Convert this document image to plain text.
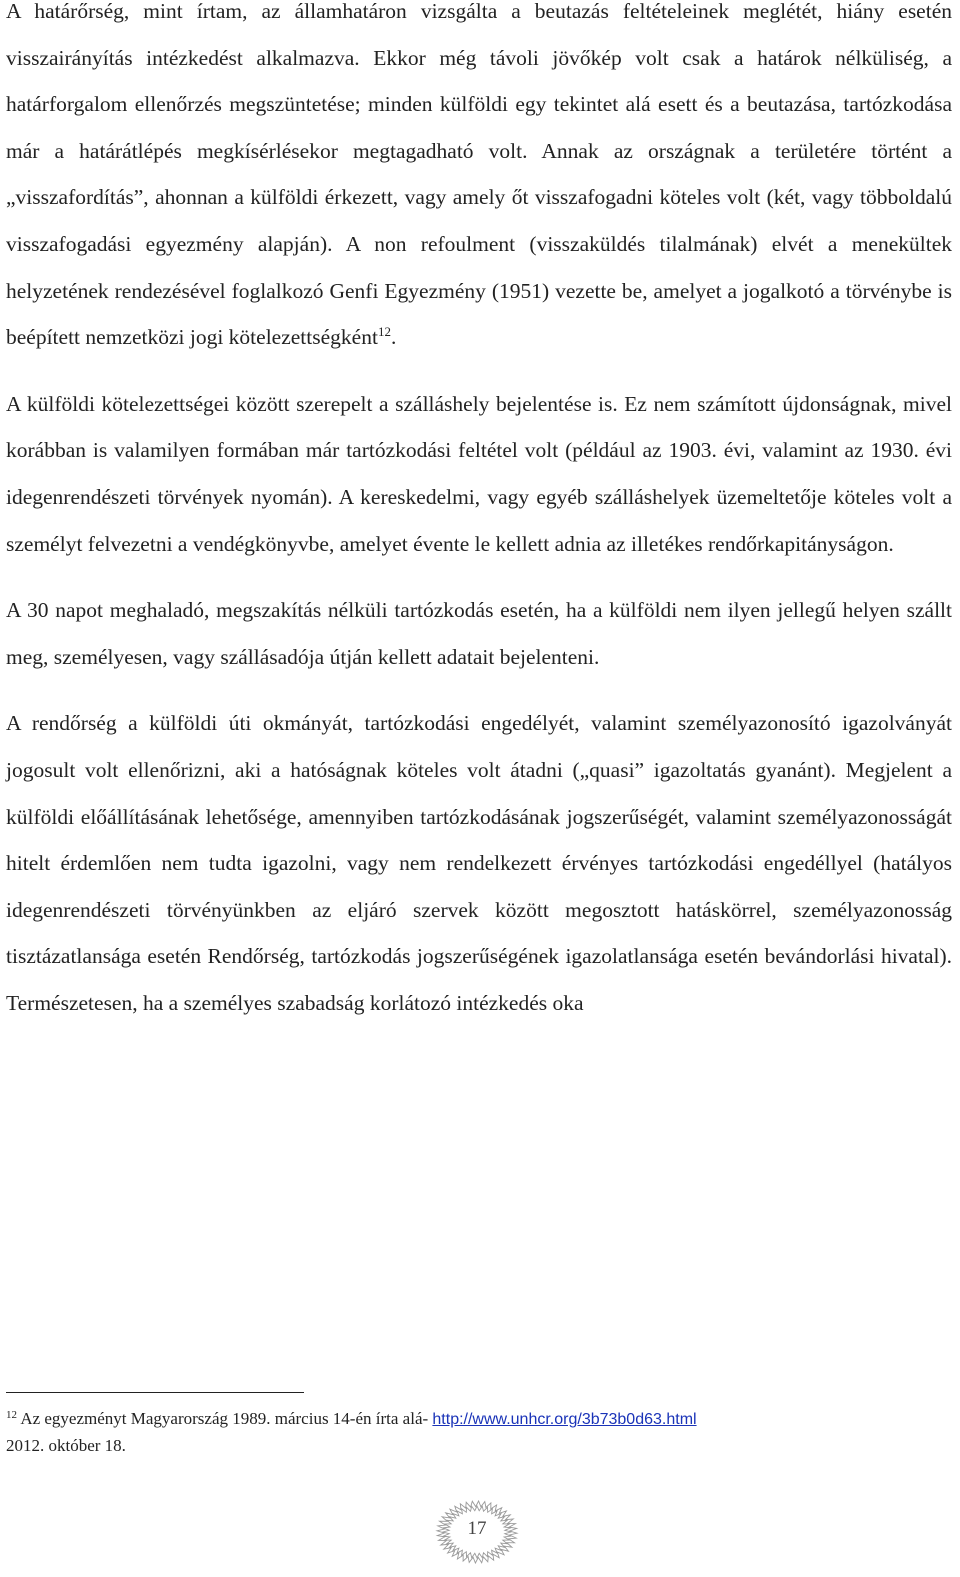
A határőrség, mint írtam, az államhatáron vizsgálta a beutazás feltételeinek meglétét, hiány esetén visszairányítás intézkedést alkalmazva. Ekkor még távoli jövőkép volt csak a határok nélküliség, a határforgalom ellenőrzés megszüntetése; minden külföldi egy tekintet alá esett és a beutazása, tartózkodása már a határátlépés megkísérlésekor megtagadható volt. Annak az országnak a területére történt a „visszafordítás”, ahonnan a külföldi érkezett, vagy amely őt visszafogadni köteles volt (két, vagy többoldalú visszafogadási egyezmény alapján). A non refoulment (visszaküldés tilalmának) elvét a menekültek helyzetének rendezésével foglalkozó Genfi Egyezmény (1951) vezette be, amelyet a jogalkotó a törvénybe is beépített nemzetközi jogi kötelezettségként$^{12}$.

A külföldi kötelezettségei között szerepelt a szálláshely bejelentése is. Ez nem számított újdonságnak, mivel korábban is valamilyen formában már tartózkodási feltétel volt (például az 1903. évi, valamint az 1930. évi idegenrendészeti törvények nyomán). A kereskedelmi, vagy egyéb szálláshelyek üzemeltetője köteles volt a személyt felvezetni a vendégkönyvbe, amelyet évente le kellett adnia az illetékes rendőrkapitányságon.

A 30 napot meghaladó, megszakítás nélküli tartózkodás esetén, ha a külföldi nem ilyen jellegű helyen szállt meg, személyesen, vagy szállásadója útján kellett adatait bejelenteni.

A rendőrség a külföldi úti okmányát, tartózkodási engedélyét, valamint személyazonosító igazolványát jogosult volt ellenőrizni, aki a hatóságnak köteles volt átadni („quasi” igazoltatás gyanánt). Megjelent a külföldi előállításának lehetősége, amennyiben tartózkodásának jogszerűségét, valamint személyazonosságát hitelt érdemlően nem tudta igazolni, vagy nem rendelkezett érvényes tartózkodási engedéllyel (hatályos idegenrendészeti törvényünkben az eljáró szervek között megosztott hatáskörrel, személyazonosság tisztázatlansága esetén Rendőrség, tartózkodás jogszerűségének igazolatlansága esetén bevándorlási hivatal). Természetesen, ha a személyes szabadság korlátozó intézkedés oka

$^{12}$ Az egyezményt Magyarország 1989. március 14-én írta alá- http://www.unhcr.org/3b73b0d63.html
2012. október 18.
17
